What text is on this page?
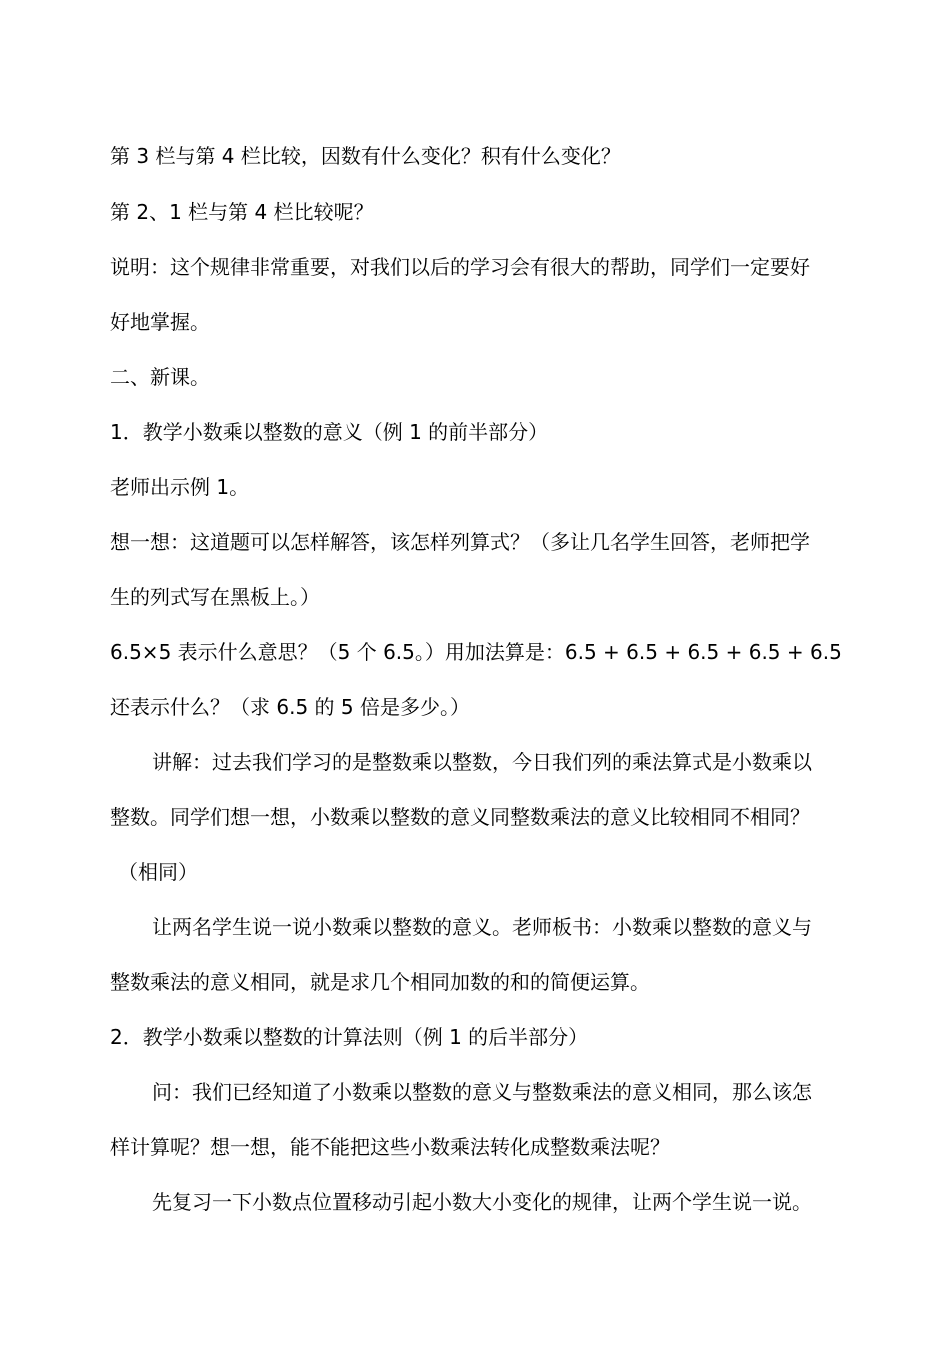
第 3 栏与第 4 栏比较，因数有什么变化？积有什么变化？
第 2、1 栏与第 4 栏比较呢？
说明：这个规律非常重要，对我们以后的学习会有很大的帮助，同学们一定要好
好地掌握。
二、新课。
1．教学小数乘以整数的意义（例 1 的前半部分）
老师出示例 1。
想一想：这道题可以怎样解答，该怎样列算式？（多让几名学生回答，老师把学
生的列式写在黑板上。）
6.5×5 表示什么意思？（5 个 6.5。）用加法算是：6.5 + 6.5 + 6.5 + 6.5 + 6.5
还表示什么？（求 6.5 的 5 倍是多少。）
讲解：过去我们学习的是整数乘以整数，今日我们列的乘法算式是小数乘以
整数。同学们想一想，小数乘以整数的意义同整数乘法的意义比较相同不相同？
（相同）
让两名学生说一说小数乘以整数的意义。老师板书：小数乘以整数的意义与
整数乘法的意义相同，就是求几个相同加数的和的简便运算。
2．教学小数乘以整数的计算法则（例 1 的后半部分）
问：我们已经知道了小数乘以整数的意义与整数乘法的意义相同，那么该怎
样计算呢？想一想，能不能把这些小数乘法转化成整数乘法呢？
先复习一下小数点位置移动引起小数大小变化的规律，让两个学生说一说。
